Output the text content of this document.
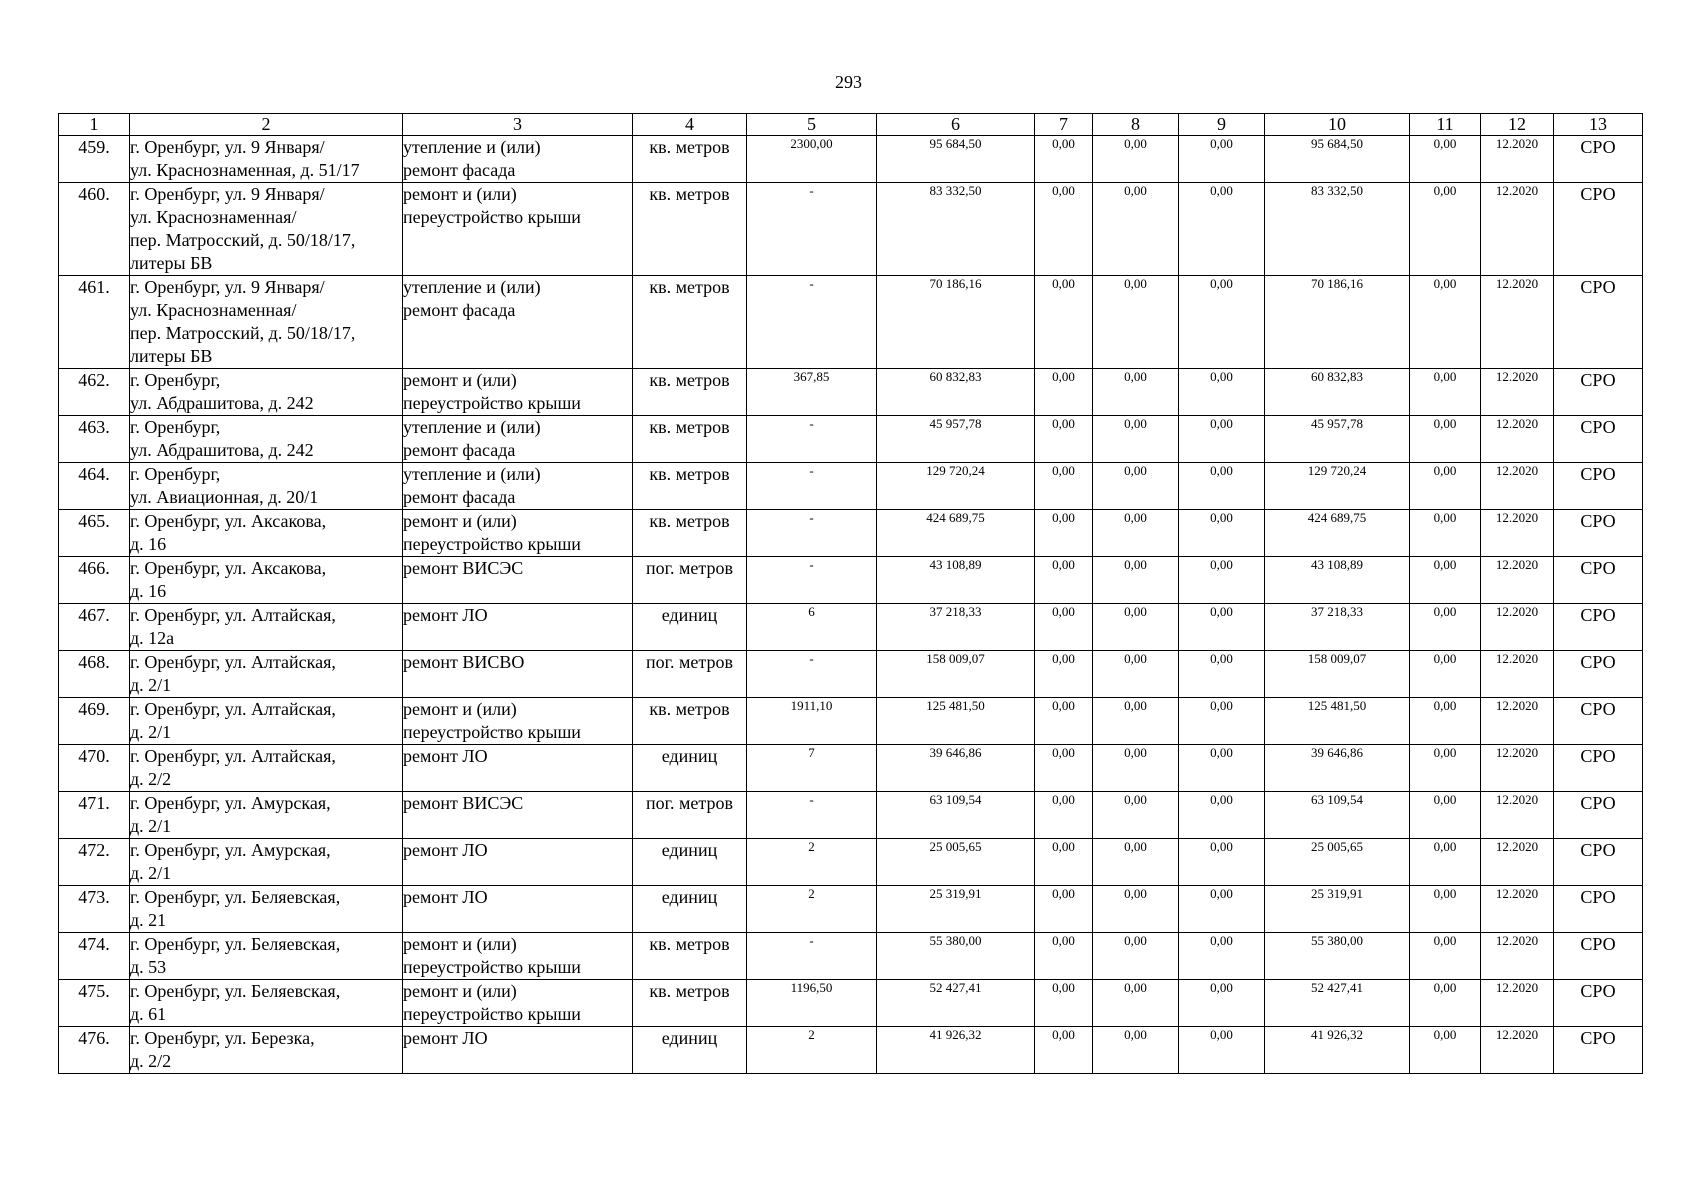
293
1	2	3	4	5	6	7	8	9	10	11	12	13
459.	г. Оренбург, ул. 9 Января/
ул. Краснознаменная, д. 51/17	утепление и (или)
ремонт фасада	кв. метров	2300,00	95 684,50	0,00	0,00	0,00	95 684,50	0,00	12.2020	СРО
460.	г. Оренбург, ул. 9 Января/
ул. Краснознаменная/
пер. Матросский, д. 50/18/17,
литеры БВ	ремонт и (или)
переустройство крыши	кв. метров	-	83 332,50	0,00	0,00	0,00	83 332,50	0,00	12.2020	СРО
461.	г. Оренбург, ул. 9 Января/
ул. Краснознаменная/
пер. Матросский, д. 50/18/17,
литеры БВ	утепление и (или)
ремонт фасада	кв. метров	-	70 186,16	0,00	0,00	0,00	70 186,16	0,00	12.2020	СРО
462.	г. Оренбург,
ул. Абдрашитова, д. 242	ремонт и (или)
переустройство крыши	кв. метров	367,85	60 832,83	0,00	0,00	0,00	60 832,83	0,00	12.2020	СРО
463.	г. Оренбург,
ул. Абдрашитова, д. 242	утепление и (или)
ремонт фасада	кв. метров	-	45 957,78	0,00	0,00	0,00	45 957,78	0,00	12.2020	СРО
464.	г. Оренбург,
ул. Авиационная, д. 20/1	утепление и (или)
ремонт фасада	кв. метров	-	129 720,24	0,00	0,00	0,00	129 720,24	0,00	12.2020	СРО
465.	г. Оренбург, ул. Аксакова,
д. 16	ремонт и (или)
переустройство крыши	кв. метров	-	424 689,75	0,00	0,00	0,00	424 689,75	0,00	12.2020	СРО
466.	г. Оренбург, ул. Аксакова,
д. 16	ремонт ВИСЭС	пог. метров	-	43 108,89	0,00	0,00	0,00	43 108,89	0,00	12.2020	СРО
467.	г. Оренбург, ул. Алтайская,
д. 12а	ремонт ЛО	единиц	6	37 218,33	0,00	0,00	0,00	37 218,33	0,00	12.2020	СРО
468.	г. Оренбург, ул. Алтайская,
д. 2/1	ремонт ВИСВО	пог. метров	-	158 009,07	0,00	0,00	0,00	158 009,07	0,00	12.2020	СРО
469.	г. Оренбург, ул. Алтайская,
д. 2/1	ремонт и (или)
переустройство крыши	кв. метров	1911,10	125 481,50	0,00	0,00	0,00	125 481,50	0,00	12.2020	СРО
470.	г. Оренбург, ул. Алтайская,
д. 2/2	ремонт ЛО	единиц	7	39 646,86	0,00	0,00	0,00	39 646,86	0,00	12.2020	СРО
471.	г. Оренбург, ул. Амурская,
д. 2/1	ремонт ВИСЭС	пог. метров	-	63 109,54	0,00	0,00	0,00	63 109,54	0,00	12.2020	СРО
472.	г. Оренбург, ул. Амурская,
д. 2/1	ремонт ЛО	единиц	2	25 005,65	0,00	0,00	0,00	25 005,65	0,00	12.2020	СРО
473.	г. Оренбург, ул. Беляевская,
д. 21	ремонт ЛО	единиц	2	25 319,91	0,00	0,00	0,00	25 319,91	0,00	12.2020	СРО
474.	г. Оренбург, ул. Беляевская,
д. 53	ремонт и (или)
переустройство крыши	кв. метров	-	55 380,00	0,00	0,00	0,00	55 380,00	0,00	12.2020	СРО
475.	г. Оренбург, ул. Беляевская,
д. 61	ремонт и (или)
переустройство крыши	кв. метров	1196,50	52 427,41	0,00	0,00	0,00	52 427,41	0,00	12.2020	СРО
476.	г. Оренбург, ул. Березка,
д. 2/2	ремонт ЛО	единиц	2	41 926,32	0,00	0,00	0,00	41 926,32	0,00	12.2020	СРО
